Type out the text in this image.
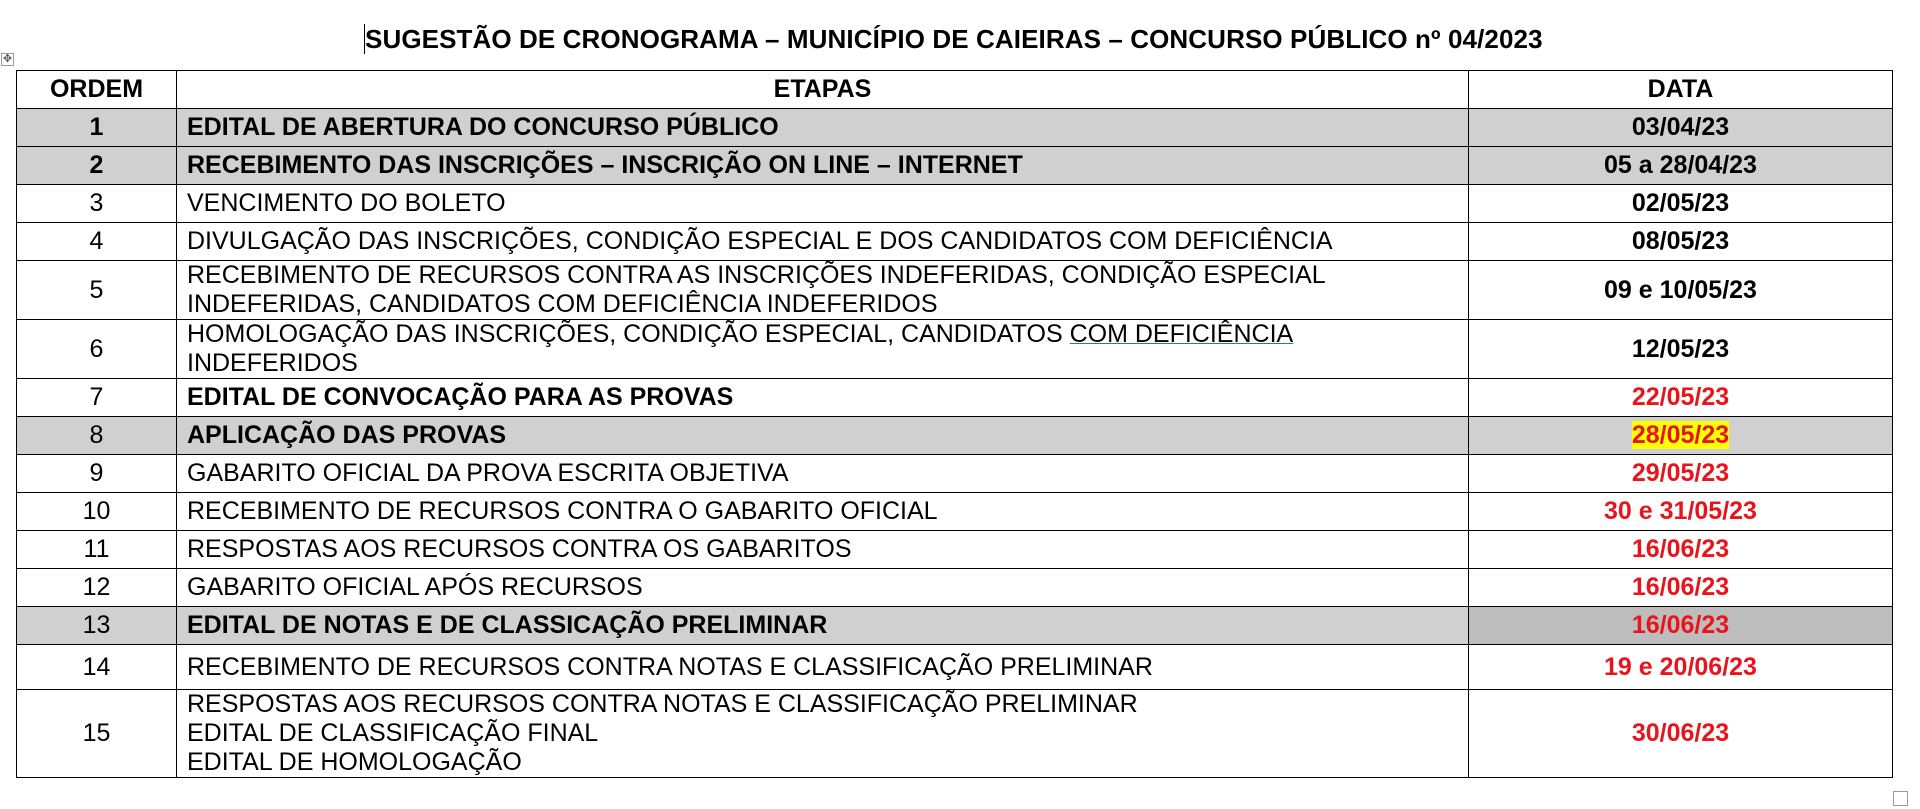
SUGESTÃO DE CRONOGRAMA – MUNICÍPIO DE CAIEIRAS – CONCURSO PÚBLICO nº 04/2023
✥
ORDEM	ETAPAS	DATA
1	EDITAL DE ABERTURA DO CONCURSO PÚBLICO	03/04/23
2	RECEBIMENTO DAS INSCRIÇÕES – INSCRIÇÃO ON LINE – INTERNET	05 a 28/04/23
3	VENCIMENTO DO BOLETO	02/05/23
4	DIVULGAÇÃO DAS INSCRIÇÕES, CONDIÇÃO ESPECIAL E DOS CANDIDATOS COM DEFICIÊNCIA	08/05/23
5	RECEBIMENTO DE RECURSOS CONTRA AS INSCRIÇÕES INDEFERIDAS, CONDIÇÃO ESPECIAL
INDEFERIDAS, CANDIDATOS COM DEFICIÊNCIA INDEFERIDOS	09 e 10/05/23
6	HOMOLOGAÇÃO DAS INSCRIÇÕES, CONDIÇÃO ESPECIAL, CANDIDATOS COM DEFICIÊNCIA
INDEFERIDOS	12/05/23
7	EDITAL DE CONVOCAÇÃO PARA AS PROVAS	22/05/23
8	APLICAÇÃO DAS PROVAS	28/05/23
9	GABARITO OFICIAL DA PROVA ESCRITA OBJETIVA	29/05/23
10	RECEBIMENTO DE RECURSOS CONTRA O GABARITO OFICIAL	30 e 31/05/23
11	RESPOSTAS AOS RECURSOS CONTRA OS GABARITOS	16/06/23
12	GABARITO OFICIAL APÓS RECURSOS	16/06/23
13	EDITAL DE NOTAS E DE CLASSICAÇÃO PRELIMINAR	16/06/23
14	RECEBIMENTO DE RECURSOS CONTRA NOTAS E CLASSIFICAÇÃO PRELIMINAR	19 e 20/06/23
15	RESPOSTAS AOS RECURSOS CONTRA NOTAS E CLASSIFICAÇÃO PRELIMINAR
EDITAL DE CLASSIFICAÇÃO FINAL
EDITAL DE HOMOLOGAÇÃO	30/06/23
